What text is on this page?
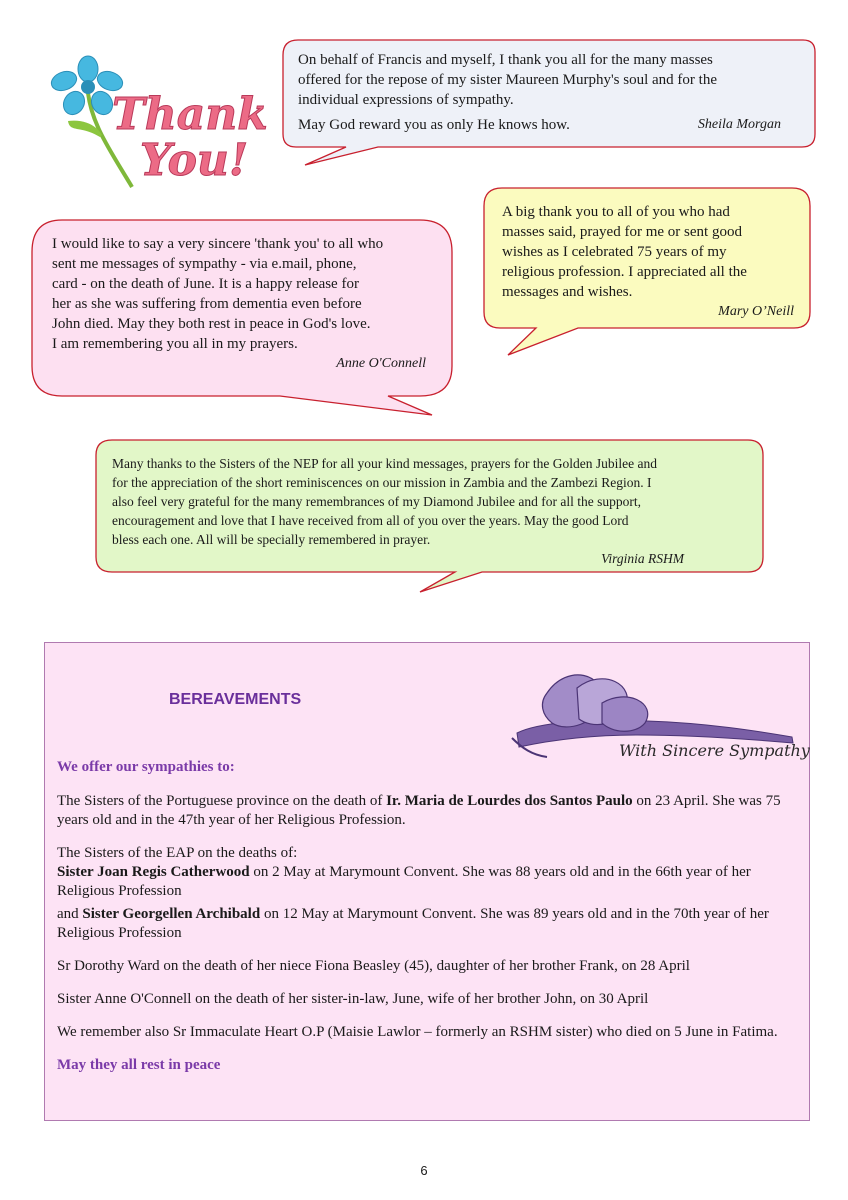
Thank
You!

On behalf of Francis and myself, I thank you all for the many masses

offered for the repose of my sister Maureen Murphy's soul and for the

individual expressions of sympathy.

May God reward you as only He knows how.	Sheila Morgan

A big thank you to all of you who had

masses said, prayed for me or sent good

wishes as I celebrated 75 years of my

religious profession. I appreciated all the

messages and wishes.

Mary O’Neill

I would like to say a very sincere 'thank you' to all who

sent me messages of sympathy - via e.mail, phone,

card - on the death of June. It is a happy release for

her as she was suffering from dementia even before

John died. May they both rest in peace in God's love.

I am remembering you all in my prayers.

Anne O'Connell

Many thanks to the Sisters of the NEP for all your kind messages, prayers for the Golden Jubilee and

for the appreciation of the short reminiscences on our mission in Zambia and the Zambezi Region. I

also feel very grateful for the many remembrances of my Diamond Jubilee and for all the support,

encouragement and love that I have received from all of you over the years. May the good Lord

bless each one. All will be specially remembered in prayer.

Virginia RSHM

BEREAVEMENTS
With Sincere Sympathy

We offer our sympathies to:

The Sisters of the Portuguese province on the death of Ir. Maria de Lourdes dos Santos Paulo on 23 April. She was 75 years old and in the 47th year of her Religious Profession.

The Sisters of the EAP on the deaths of:
Sister Joan Regis Catherwood on 2 May at Marymount Convent. She was 88 years old and in the 66th year of her Religious Profession

and Sister Georgellen Archibald on 12 May at Marymount Convent. She was 89 years old and in the 70th year of her Religious Profession

Sr Dorothy Ward on the death of her niece Fiona Beasley (45), daughter of her brother Frank, on 28 April

Sister Anne O'Connell on the death of her sister-in-law, June, wife of her brother John, on 30 April

We remember also Sr Immaculate Heart O.P (Maisie Lawlor – formerly an RSHM sister) who died on 5 June in Fatima.

May they all rest in peace

6
